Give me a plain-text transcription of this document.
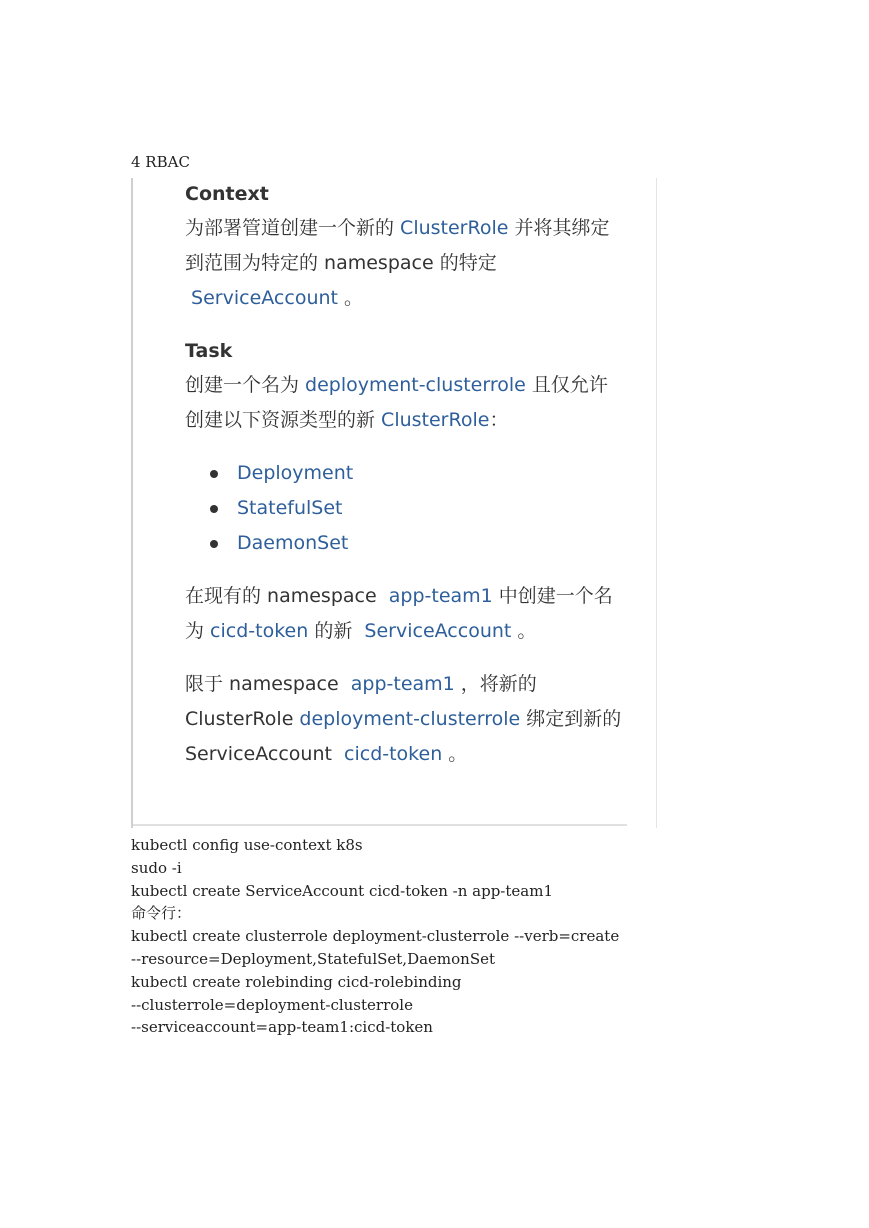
4 RBAC
Context
为部署管道创建一个新的 ClusterRole 并将其绑定
到范围为特定的 namespace 的特定
ServiceAccount 。
Task
创建一个名为 deployment-clusterrole 且仅允许
创建以下资源类型的新 ClusterRole：
Deployment
StatefulSet
DaemonSet
在现有的 namespace  app-team1 中创建一个名
为 cicd-token 的新  ServiceAccount 。
限于 namespace  app-team1 ，将新的
ClusterRole deployment-clusterrole 绑定到新的
ServiceAccount  cicd-token 。
kubectl config use-context k8s
sudo -i
kubectl create ServiceAccount cicd-token -n app-team1
命令行：
kubectl create clusterrole deployment-clusterrole --verb=create
--resource=Deployment,StatefulSet,DaemonSet
kubectl create rolebinding cicd-rolebinding
--clusterrole=deployment-clusterrole
--serviceaccount=app-team1:cicd-token
